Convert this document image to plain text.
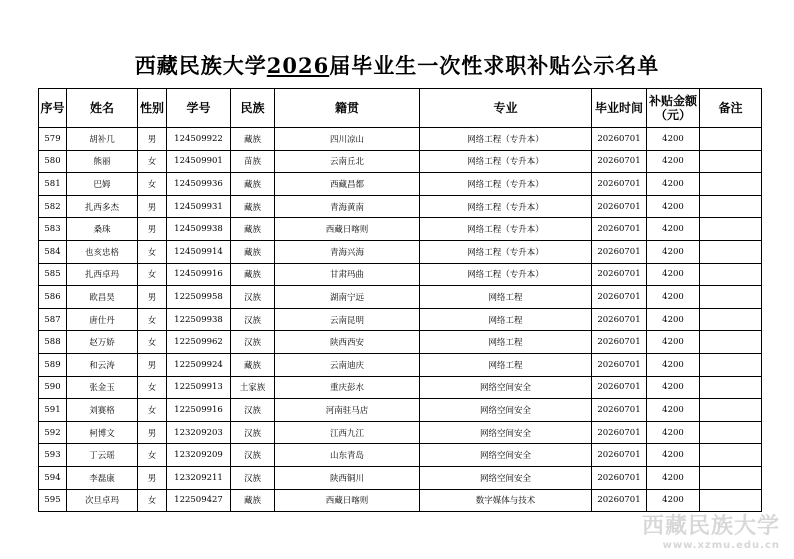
西藏民族大学2026届毕业生一次性求职补贴公示名单
序号	姓名	性别	学号	民族	籍贯	专业	毕业时间	补贴金额（元）	备注
579	胡补几	男	124509922	藏族	四川凉山	网络工程（专升本）	20260701	4200	
580	熊丽	女	124509901	苗族	云南丘北	网络工程（专升本）	20260701	4200	
581	巴姆	女	124509936	藏族	西藏昌都	网络工程（专升本）	20260701	4200	
582	扎西多杰	男	124509931	藏族	青海黄南	网络工程（专升本）	20260701	4200	
583	桑珠	男	124509938	藏族	西藏日喀则	网络工程（专升本）	20260701	4200	
584	也亥忠格	女	124509914	藏族	青海兴海	网络工程（专升本）	20260701	4200	
585	扎西卓玛	女	124509916	藏族	甘肃玛曲	网络工程（专升本）	20260701	4200	
586	欧昌昊	男	122509958	汉族	湖南宁远	网络工程	20260701	4200	
587	唐仕丹	女	122509938	汉族	云南昆明	网络工程	20260701	4200	
588	赵万娇	女	122509962	汉族	陕西西安	网络工程	20260701	4200	
589	和云涛	男	122509924	藏族	云南迪庆	网络工程	20260701	4200	
590	张金玉	女	122509913	土家族	重庆彭水	网络空间安全	20260701	4200	
591	刘赛格	女	122509916	汉族	河南驻马店	网络空间安全	20260701	4200	
592	柯博文	男	123209203	汉族	江西九江	网络空间安全	20260701	4200	
593	丁云瑶	女	123209209	汉族	山东青岛	网络空间安全	20260701	4200	
594	李磊康	男	123209211	汉族	陕西铜川	网络空间安全	20260701	4200	
595	次旦卓玛	女	122509427	藏族	西藏日喀则	数字媒体与技术	20260701	4200	
西藏民族大学
www.xzmu.edu.cn
